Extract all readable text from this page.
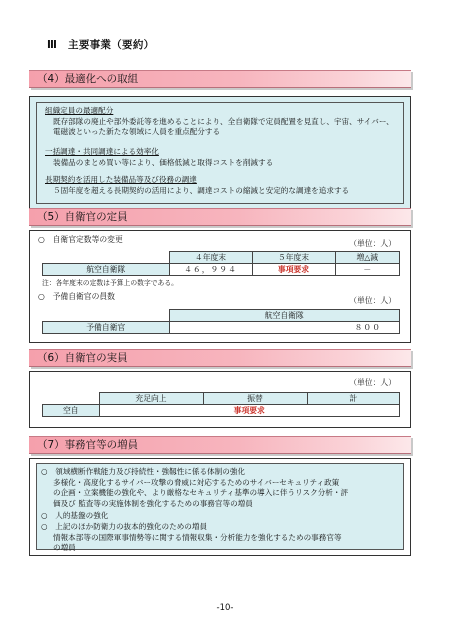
Ⅲ　主要事業（要約）
（4）最適化への取組
組織定員の最適配分
既存部隊の廃止や部外委託等を進めることにより、全自衛隊で定員配置を見直し、宇宙、サイバー、電磁波といった新たな領域に人員を重点配分する
一括調達・共同調達による効率化
装備品のまとめ買い等により、価格低減と取得コストを削減する
長期契約を活用した装備品等及び役務の調達
５固年度を超える長期契約の活用により、調達コストの縮減と安定的な調達を追求する
（5）自衛官の定員
○　自衛官定数等の変更	（単位：人）
	４年度末	５年度末	増△減
航空自衛隊	４６，９９４	事項要求	－
注：各年度末の定数は予算上の数字である。
○　予備自衛官の員数	（単位：人）
	航空自衛隊
予備自衛官	８００
（6）自衛官の実員
（単位：人）
	充足向上	振替	計
空自	事項要求		
（7）事務官等の増員
○　領域横断作戦能力及び持続性・強靱性に係る体制の強化
多様化・高度化するサイバー攻撃の脅威に対応するためのサイバーセキュリティ政策
の企画・立案機能の強化や、より厳格なセキュリティ基準の導入に伴うリスク分析・評
価及び 監査等の実施体制を強化するための事務官等の増員
○　人的基盤の強化
○　上記のほか防衛力の抜本的強化のための増員
情報本部等の国際軍事情勢等に関する情報収集・分析能力を強化するための事務官等
の増員
-10-
